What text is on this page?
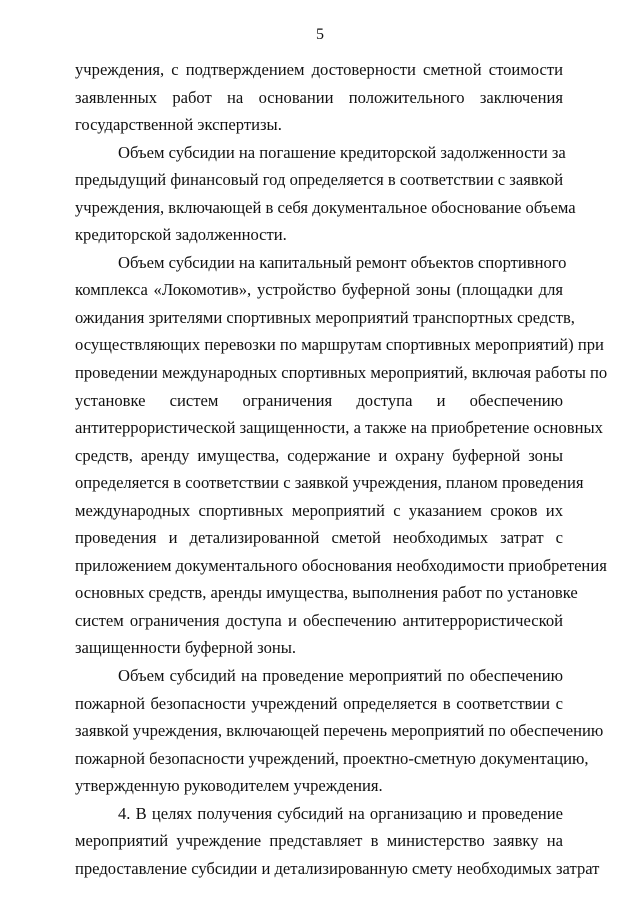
5
учреждения, с подтверждением достоверности сметной стоимости
заявленных работ на основании положительного заключения
государственной экспертизы.
Объем субсидии на погашение кредиторской задолженности за
предыдущий финансовый год определяется в соответствии с заявкой
учреждения, включающей в себя документальное обоснование объема
кредиторской задолженности.
Объем субсидии на капитальный ремонт объектов спортивного
комплекса «Локомотив», устройство буферной зоны (площадки для
ожидания зрителями спортивных мероприятий транспортных средств,
осуществляющих перевозки по маршрутам спортивных мероприятий) при
проведении международных спортивных мероприятий, включая работы по
установке систем ограничения доступа и обеспечению
антитеррористической защищенности, а также на приобретение основных
средств, аренду имущества, содержание и охрану буферной зоны
определяется в соответствии с заявкой учреждения, планом проведения
международных спортивных мероприятий с указанием сроков их
проведения и детализированной сметой необходимых затрат с
приложением документального обоснования необходимости приобретения
основных средств, аренды имущества, выполнения работ по установке
систем ограничения доступа и обеспечению антитеррористической
защищенности буферной зоны.
Объем субсидий на проведение мероприятий по обеспечению
пожарной безопасности учреждений определяется в соответствии с
заявкой учреждения, включающей перечень мероприятий по обеспечению
пожарной безопасности учреждений, проектно-сметную документацию,
утвержденную руководителем учреждения.
4. В целях получения субсидий на организацию и проведение
мероприятий учреждение представляет в министерство заявку на
предоставление субсидии и детализированную смету необходимых затрат
